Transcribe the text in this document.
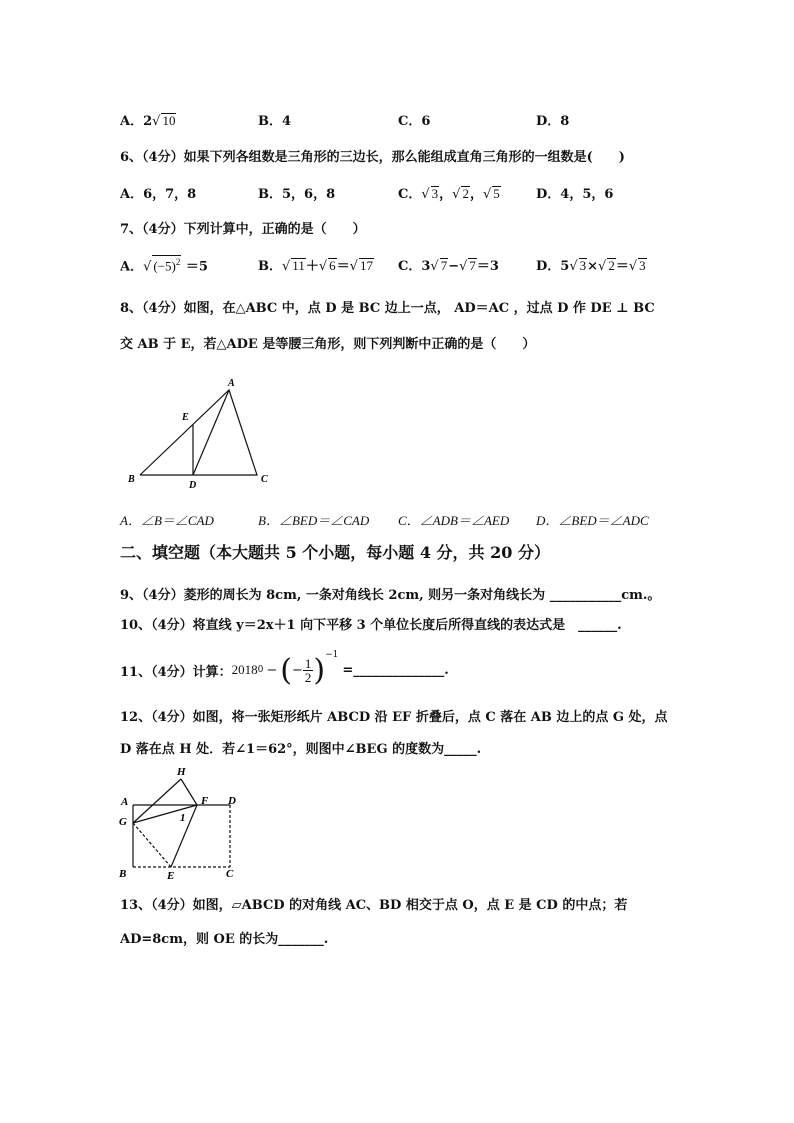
A．2√ 10	B．4	C．6	D．8
6、（4分）如果下列各组数是三角形的三边长，那么能组成直角三角形的一组数是(　　)
A．6，7，8	B．5，6，8	C．√ 3，√ 2，√ 5	D．4，5，6
7、（4分）下列计算中，正确的是（　　）
A．√ $(-5)^2 =5$	B．√ 11＋√ 6＝√ 17 C．3√ 7−√ 7＝3	D．5√ 3×√ 2＝√ 3
8、（4分）如图，在△ABC 中，点 D 是 BC 边上一点， AD＝AC ，过点 D 作 DE ⊥ BC
交 AB 于 E，若△ADE 是等腰三角形，则下列判断中正确的是（　　）
A
E
B
D
C
A．∠B＝∠CAD	B．∠BED＝∠CAD C．∠ADB＝∠AED D．∠BED＝∠ADC
二、填空题（本大题共 5 个小题，每小题 4 分，共 20 分）
9、（4分）菱形的周长为 8cm, 一条对角线长 2cm, 则另一条对角线长为 ___________cm.。
10、（4分）将直线 y＝2x＋1 向下平移 3 个单位长度后所得直线的表达式是　______.
11、（4分）计算： 2018 0 − ( − $\frac{1}{2} )^{-1}$
=______________.
12、（4分）如图，将一张矩形纸片 ABCD 沿 EF 折叠后，点 C 落在 AB 边上的点 G 处，点
D 落在点 H 处．若∠1＝62°，则图中∠BEG 的度数为_____.
H
A	F D
G	1
B	E	C
13、（4分）如图，▱ABCD 的对角线 AC、BD 相交于点 O，点 E 是 CD 的中点；若
AD=8cm，则 OE 的长为_______.
